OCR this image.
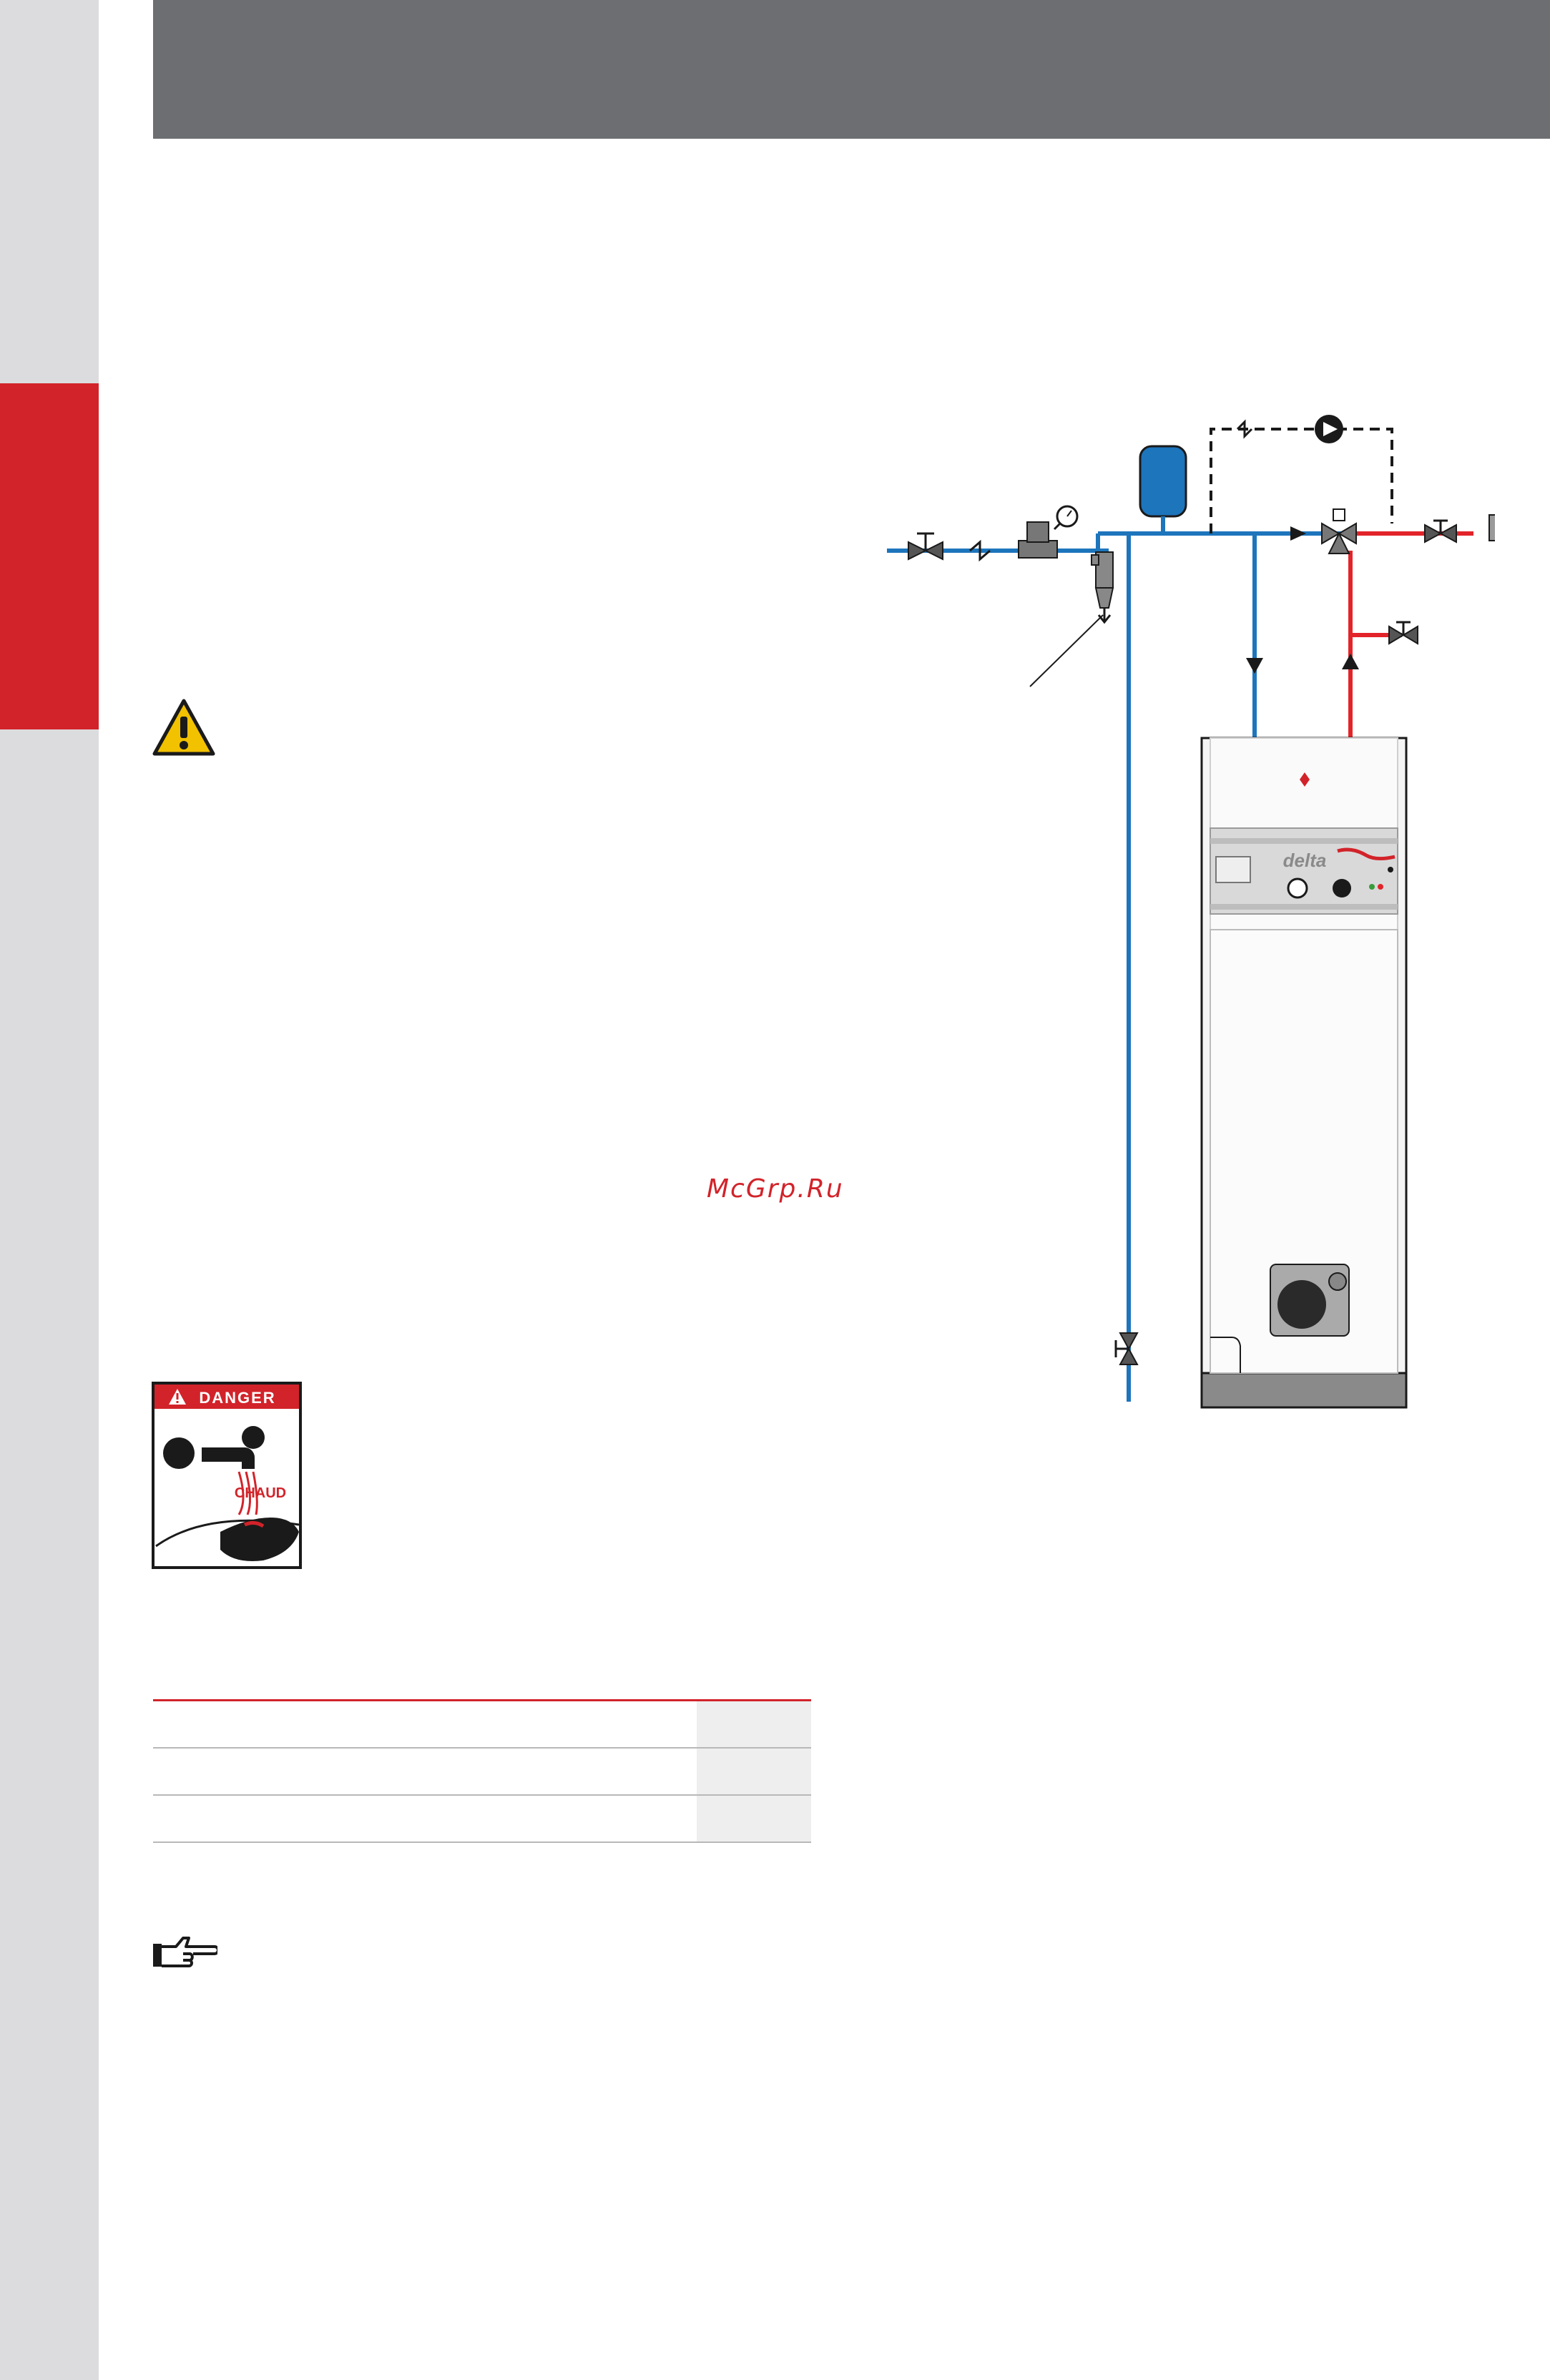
McGrp.Ru
DANGER
CHAUD
delta
